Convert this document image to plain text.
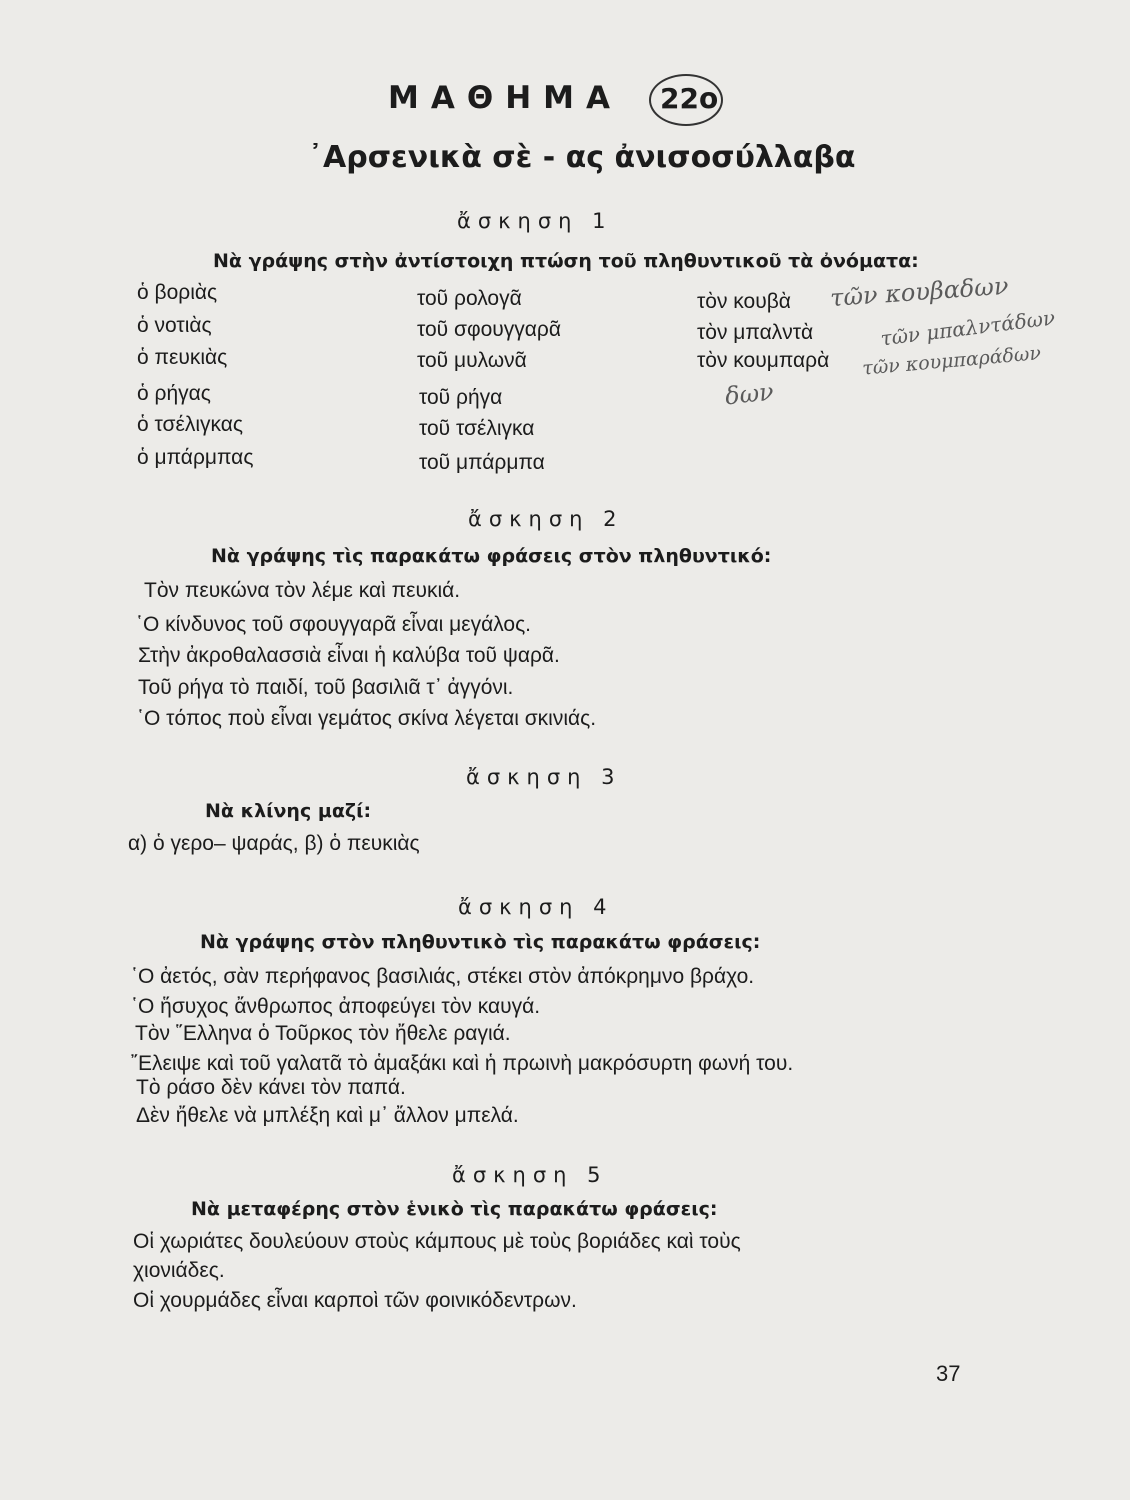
ΜΑΘΗΜΑ 22ο
᾿Αρσενικὰ σὲ - ας ἀνισοσύλλαβα
ἄσκηση 1
Νὰ γράψης στὴν ἀντίστοιχη πτώση τοῦ πληθυντικοῦ τὰ ὀνόματα:
ὁ βοριὰς
ὁ νοτιὰς
ὁ πευκιὰς
ὁ ρήγας
ὁ τσέλιγκας
ὁ μπάρμπας
τοῦ ρολογᾶ
τοῦ σφουγγαρᾶ
τοῦ μυλωνᾶ
τοῦ ρήγα
τοῦ τσέλιγκα
τοῦ μπάρμπα
τὸν κουβὰ
τὸν μπαλντὰ
τὸν κουμπαρὰ
τῶν κουβαδων
τῶν μπαλντάδων
τῶν κουμπαράδων
δων
ἄσκηση 2
Νὰ γράψης τὶς παρακάτω φράσεις στὸν πληθυντικό:
Τὸν πευκώνα τὸν λέμε καὶ πευκιά.
῾Ο κίνδυνος τοῦ σφουγγαρᾶ εἶναι μεγάλος.
Στὴν ἀκροθαλασσιὰ εἶναι ἡ καλύβα τοῦ ψαρᾶ.
Τοῦ ρήγα τὸ παιδί, τοῦ βασιλιᾶ τ᾿ ἀγγόνι.
῾Ο τόπος ποὺ εἶναι γεμάτος σκίνα λέγεται σκινιάς.
ἄσκηση 3
Νὰ κλίνης μαζί:
α) ὁ γερο– ψαράς, β) ὁ πευκιὰς
ἄσκηση 4
Νὰ γράψης στὸν πληθυντικὸ τὶς παρακάτω φράσεις:
῾Ο ἀετός, σὰν περήφανος βασιλιάς, στέκει στὸν ἀπόκρημνο βράχο.
῾Ο ἥσυχος ἄνθρωπος ἀποφεύγει τὸν καυγά.
Τὸν ῞Ελληνα ὁ Τοῦρκος τὸν ἤθελε ραγιά.
῎Ελειψε καὶ τοῦ γαλατᾶ τὸ ἁμαξάκι καὶ ἡ πρωινὴ μακρόσυρτη φωνή του.
Τὸ ράσο δὲν κάνει τὸν παπά.
Δὲν ἤθελε νὰ μπλέξη καὶ μ᾿ ἄλλον μπελά.
ἄσκηση 5
Νὰ μεταφέρης στὸν ἑνικὸ τὶς παρακάτω φράσεις:
Οἱ χωριάτες δουλεύουν στοὺς κάμπους μὲ τοὺς βοριάδες καὶ τοὺς
χιονιάδες.
Οἱ χουρμάδες εἶναι καρποὶ τῶν φοινικόδεντρων.
37
